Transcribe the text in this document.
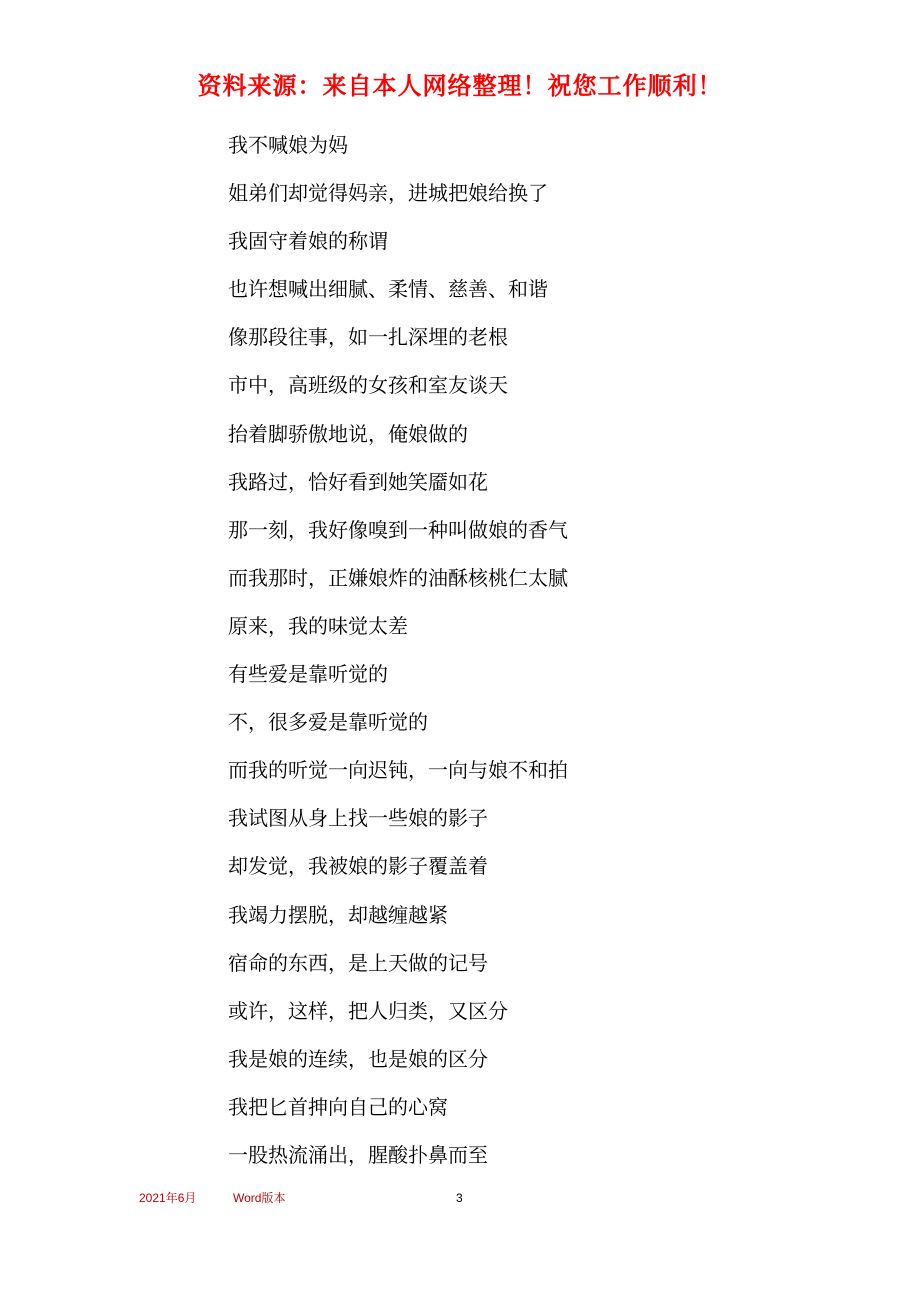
资料来源：来自本人网络整理！祝您工作顺利！
我不喊娘为妈
姐弟们却觉得妈亲，进城把娘给换了
我固守着娘的称谓
也许想喊出细腻、柔情、慈善、和谐
像那段往事，如一扎深埋的老根
市中，高班级的女孩和室友谈天
抬着脚骄傲地说，俺娘做的
我路过，恰好看到她笑靥如花
那一刻，我好像嗅到一种叫做娘的香气
而我那时，正嫌娘炸的油酥核桃仁太腻
原来，我的味觉太差
有些爱是靠听觉的
不，很多爱是靠听觉的
而我的听觉一向迟钝，一向与娘不和拍
我试图从身上找一些娘的影子
却发觉，我被娘的影子覆盖着
我竭力摆脱，却越缠越紧
宿命的东西，是上天做的记号
或许，这样，把人归类，又区分
我是娘的连续，也是娘的区分
我把匕首抻向自己的心窝
一股热流涌出，腥酸扑鼻而至
2021年6月	Word版本	3
